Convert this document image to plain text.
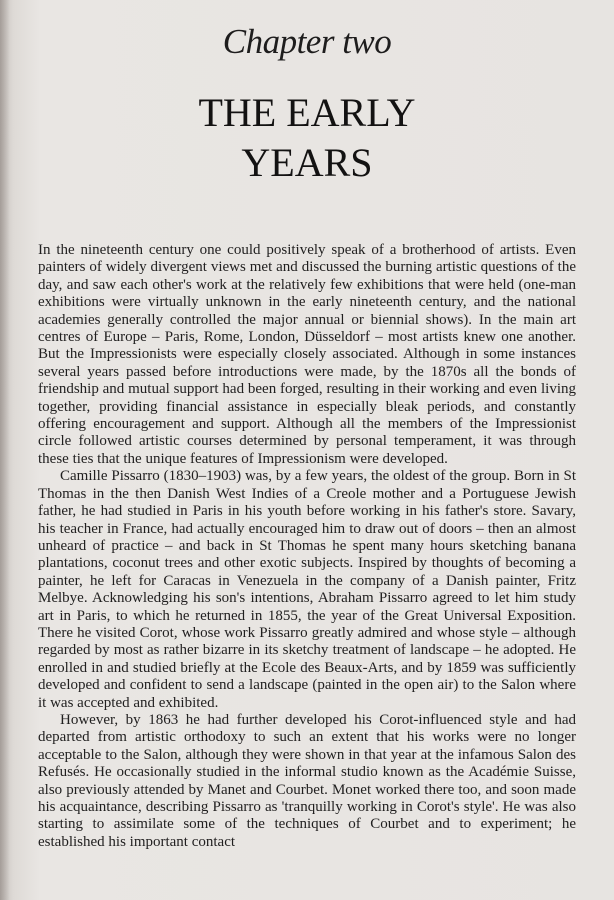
Chapter two
THE EARLY
YEARS

In the nineteenth century one could positively speak of a brotherhood of artists. Even painters of widely divergent views met and discussed the burning artistic questions of the day, and saw each other's work at the relatively few exhibitions that were held (one-man exhibitions were virtually unknown in the early nineteenth century, and the national academies generally controlled the major annual or biennial shows). In the main art centres of Europe – Paris, Rome, London, Düsseldorf – most artists knew one another. But the Impressionists were especially closely associated. Although in some instances several years passed before introductions were made, by the 1870s all the bonds of friendship and mutual support had been forged, resulting in their working and even living together, providing financial assistance in especially bleak periods, and constantly offering encouragement and support. Although all the members of the Impressionist circle followed artistic courses determined by personal temperament, it was through these ties that the unique features of Impressionism were developed.

Camille Pissarro (1830–1903) was, by a few years, the oldest of the group. Born in St Thomas in the then Danish West Indies of a Creole mother and a Portuguese Jewish father, he had studied in Paris in his youth before working in his father's store. Savary, his teacher in France, had actually encouraged him to draw out of doors – then an almost unheard of practice – and back in St Thomas he spent many hours sketching banana plantations, coconut trees and other exotic subjects. Inspired by thoughts of becoming a painter, he left for Caracas in Venezuela in the company of a Danish painter, Fritz Melbye. Acknowledging his son's intentions, Abraham Pissarro agreed to let him study art in Paris, to which he returned in 1855, the year of the Great Universal Exposition. There he visited Corot, whose work Pissarro greatly admired and whose style – although regarded by most as rather bizarre in its sketchy treatment of landscape – he adopted. He enrolled in and studied briefly at the Ecole des Beaux-Arts, and by 1859 was sufficiently developed and confident to send a landscape (painted in the open air) to the Salon where it was accepted and exhibited.

However, by 1863 he had further developed his Corot-influenced style and had departed from artistic orthodoxy to such an extent that his works were no longer acceptable to the Salon, although they were shown in that year at the infamous Salon des Refusés. He occasionally studied in the informal studio known as the Académie Suisse, also previously attended by Manet and Courbet. Monet worked there too, and soon made his acquaintance, describing Pissarro as 'tranquilly working in Corot's style'. He was also starting to assimilate some of the techniques of Courbet and to experiment; he established his important contact
